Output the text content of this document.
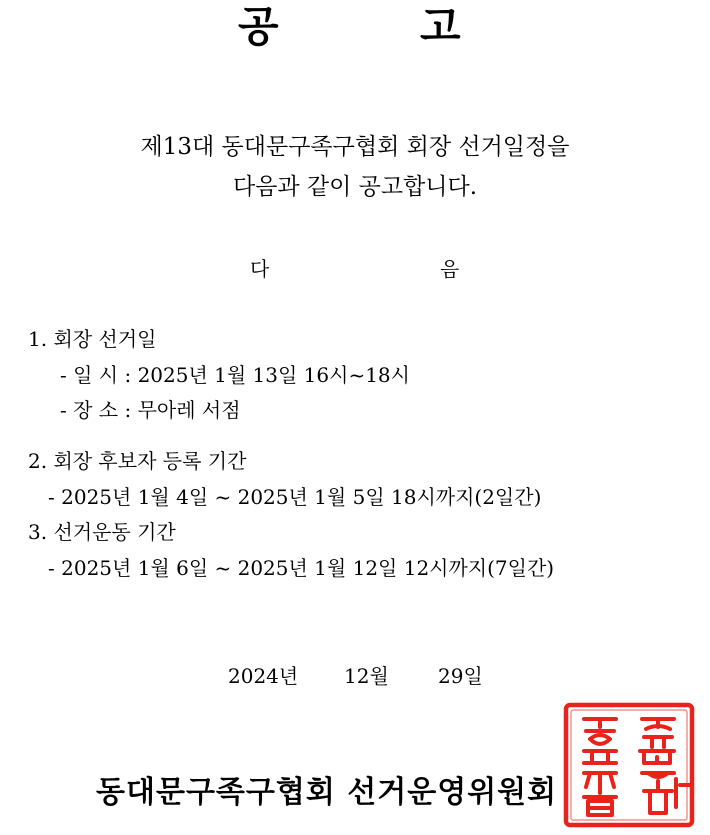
공	고
제13대 동대문구족구협회 회장 선거일정을
다음과 같이 공고합니다.
다	음
1. 회장 선거일
- 일 시 : 2025년 1월 13일 16시~18시
- 장 소 : 무아레 서점
2. 회장 후보자 등록 기간
- 2025년 1월 4일 ~ 2025년 1월 5일 18시까지(2일간)
3. 선거운동 기간
- 2025년 1월 6일 ~ 2025년 1월 12일 12시까지(7일간)
2024년 12월 29일
동대문구족구협회 선거운영위원회
